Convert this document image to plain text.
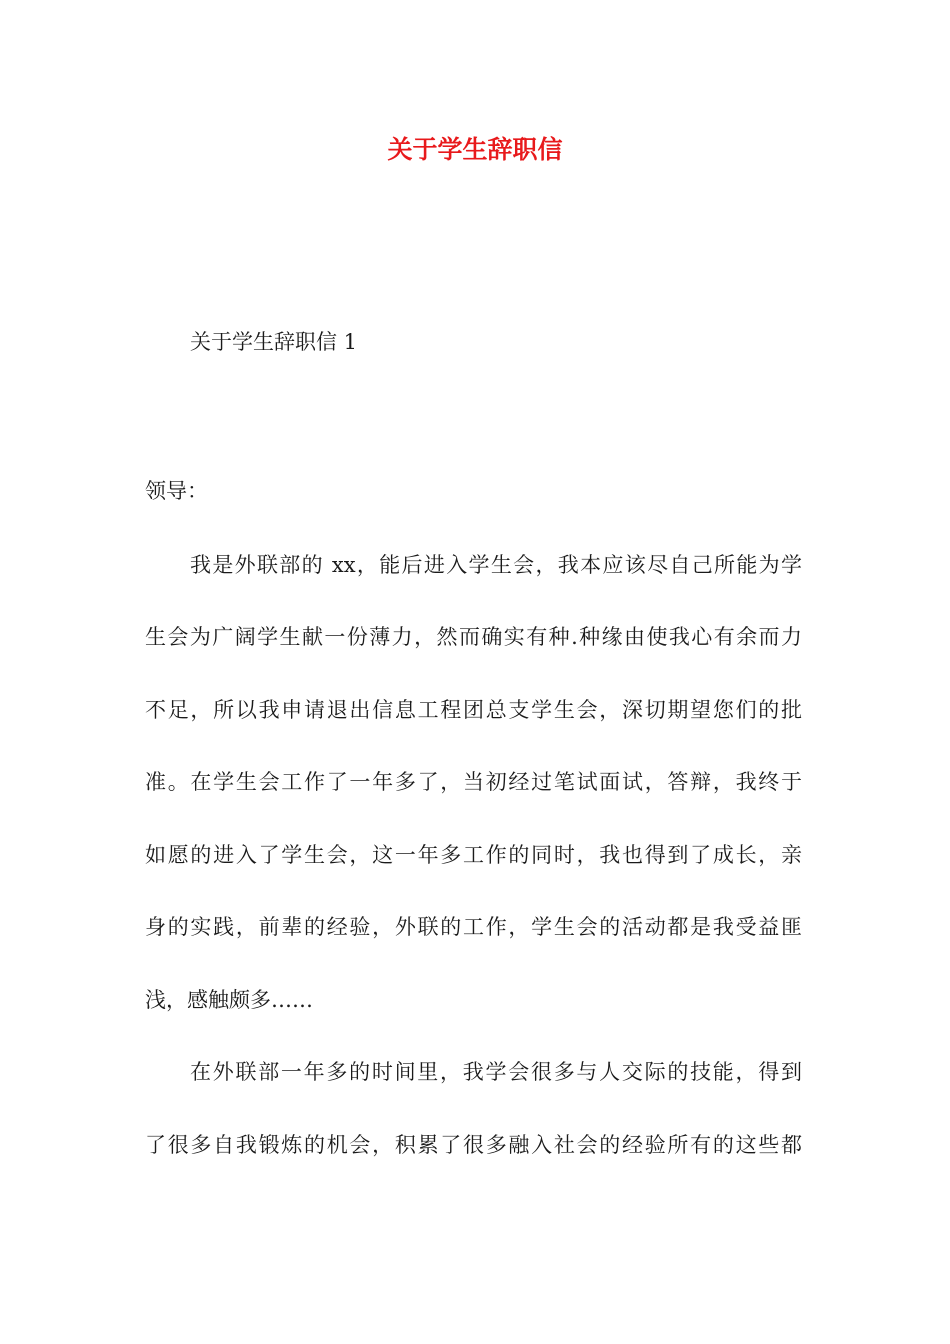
关于学生辞职信

关于学生辞职信 1

领导：

我是外联部的 xx，能后进入学生会，我本应该尽自己所能为学

生会为广阔学生献一份薄力，然而确实有种.种缘由使我心有余而力

不足，所以我申请退出信息工程团总支学生会，深切期望您们的批

准。在学生会工作了一年多了，当初经过笔试面试，答辩，我终于

如愿的进入了学生会，这一年多工作的同时，我也得到了成长，亲

身的实践，前辈的经验，外联的工作，学生会的活动都是我受益匪

浅，感触颇多……

在外联部一年多的时间里，我学会很多与人交际的技能，得到

了很多自我锻炼的机会，积累了很多融入社会的经验所有的这些都
